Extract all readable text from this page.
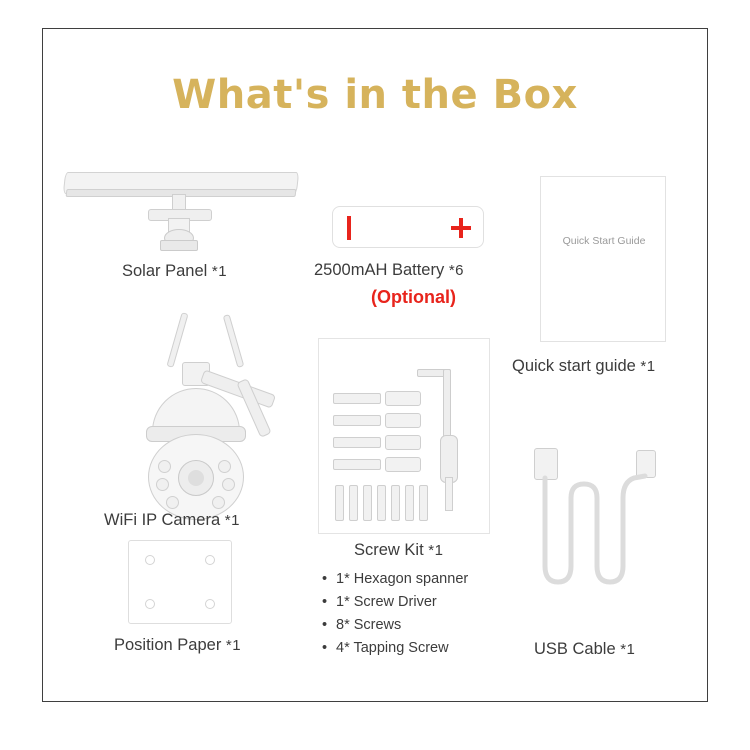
What's in the Box
Solar Panel *1	2500mAH Battery *6
(Optional)
Quick Start Guide
Quick start guide *1
WiFi IP Camera *1
Screw Kit *1
• 1* Hexagon spanner
• 1* Screw Driver
• 8* Screws
• 4* Tapping Screw
Position Paper *1	USB Cable *1
